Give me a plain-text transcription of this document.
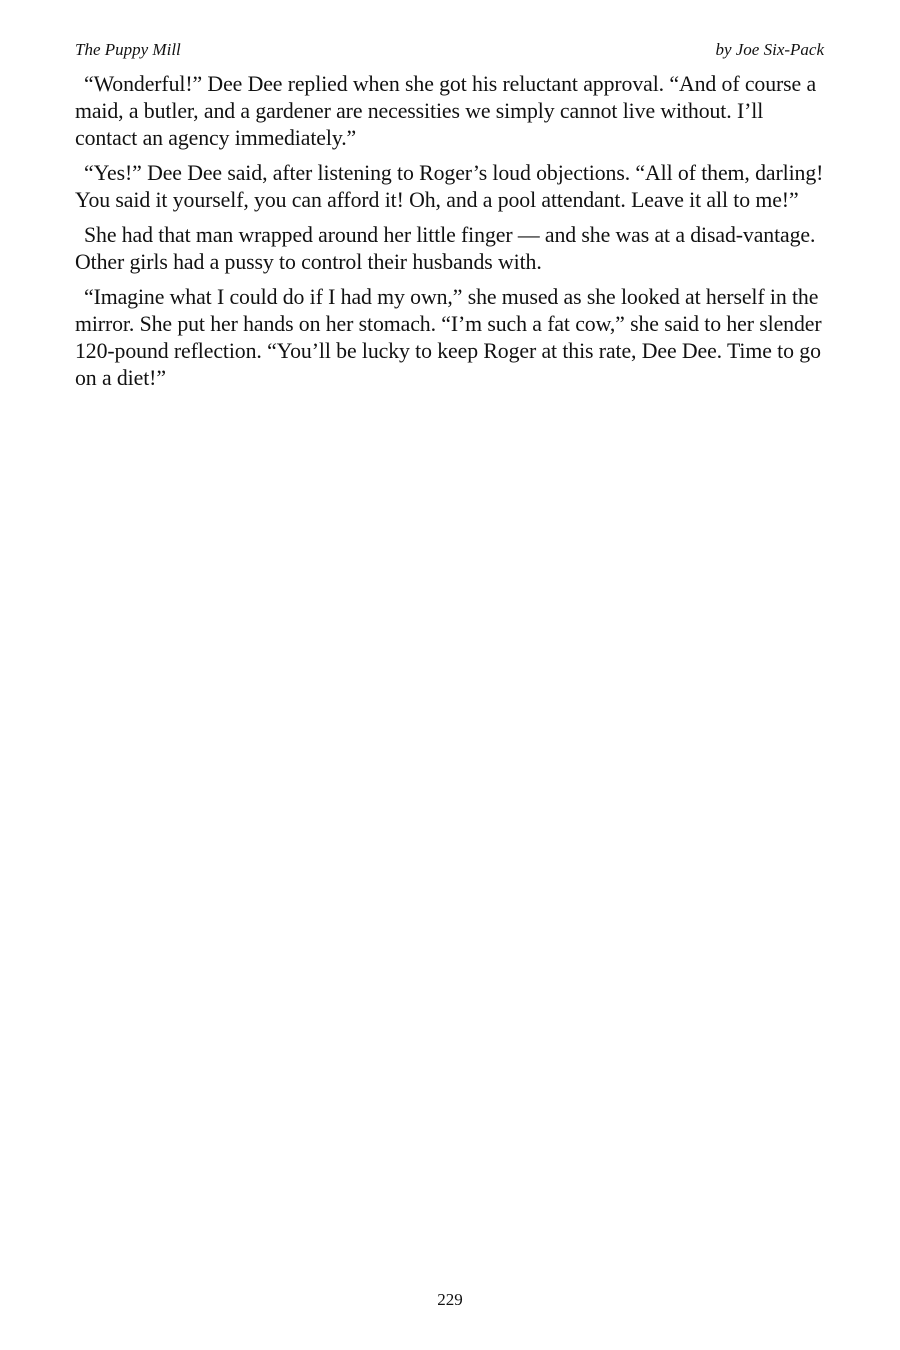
The Puppy Mill	by Joe Six-Pack

“Wonderful!” Dee Dee replied when she got his reluctant approval. “And of course a maid, a butler, and a gardener are necessities we simply cannot live without. I’ll contact an agency immediately.”

“Yes!” Dee Dee said, after listening to Roger’s loud objections. “All of them, darling! You said it yourself, you can afford it! Oh, and a pool attendant. Leave it all to me!”

She had that man wrapped around her little finger — and she was at a disad-vantage. Other girls had a pussy to control their husbands with.

“Imagine what I could do if I had my own,” she mused as she looked at herself in the mirror. She put her hands on her stomach. “I’m such a fat cow,” she said to her slender 120-pound reflection. “You’ll be lucky to keep Roger at this rate, Dee Dee. Time to go on a diet!”

229
